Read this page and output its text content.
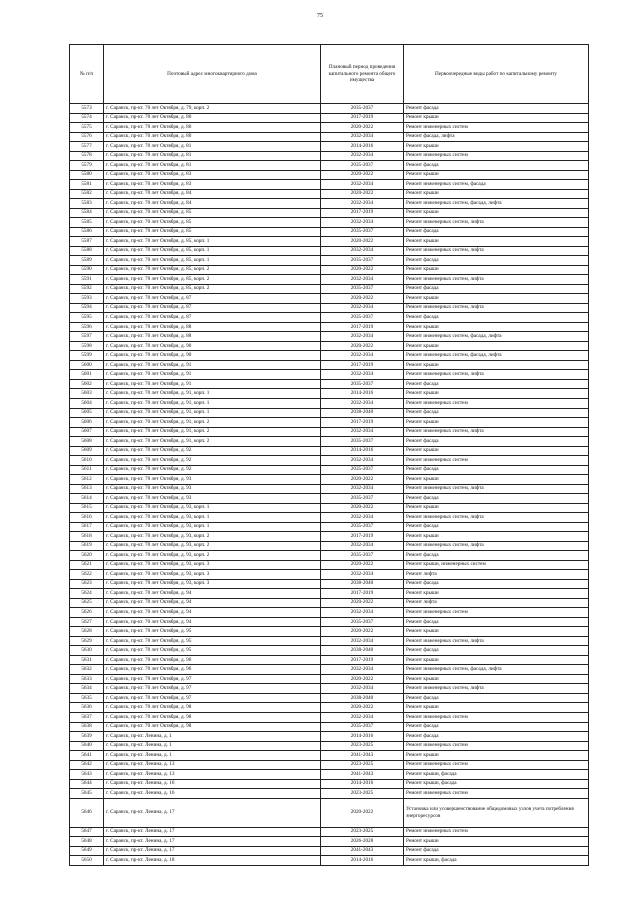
75
№ п/п	Почтовый адрес многоквартирного дома	Плановый период проведения капитального ремонта общего имущества	Первоочередные виды работ по капитальному ремонту
5573	г. Саранск, пр-кт. 70 лет Октября, д. 79, корп. 2	2035-2037	Ремонт фасада
5574	г. Саранск, пр-кт. 70 лет Октября, д. 80	2017-2019	Ремонт крыши
5575	г. Саранск, пр-кт. 70 лет Октября, д. 80	2020-2022	Ремонт инженерных систем
5576	г. Саранск, пр-кт. 70 лет Октября, д. 80	2032-2034	Ремонт фасада, лифта
5577	г. Саранск, пр-кт. 70 лет Октября, д. 81	2014-2016	Ремонт крыши
5578	г. Саранск, пр-кт. 70 лет Октября, д. 81	2032-2034	Ремонт инженерных систем
5579	г. Саранск, пр-кт. 70 лет Октября, д. 81	2035-2037	Ремонт фасада
5580	г. Саранск, пр-кт. 70 лет Октября, д. 83	2020-2022	Ремонт крыши
5581	г. Саранск, пр-кт. 70 лет Октября, д. 83	2032-2034	Ремонт инженерных систем, фасада
5582	г. Саранск, пр-кт. 70 лет Октября, д. 84	2020-2022	Ремонт крыши
5583	г. Саранск, пр-кт. 70 лет Октября, д. 84	2032-2034	Ремонт инженерных систем, фасада, лифта
5584	г. Саранск, пр-кт. 70 лет Октября, д. 85	2017-2019	Ремонт крыши
5585	г. Саранск, пр-кт. 70 лет Октября, д. 85	2032-2034	Ремонт инженерных систем, лифта
5586	г. Саранск, пр-кт. 70 лет Октября, д. 85	2035-2037	Ремонт фасада
5587	г. Саранск, пр-кт. 70 лет Октября, д. 85, корп. 1	2020-2022	Ремонт крыши
5588	г. Саранск, пр-кт. 70 лет Октября, д. 85, корп. 1	2032-2034	Ремонт инженерных систем, лифта
5589	г. Саранск, пр-кт. 70 лет Октября, д. 85, корп. 1	2035-2037	Ремонт фасада
5590	г. Саранск, пр-кт. 70 лет Октября, д. 85, корп. 2	2020-2022	Ремонт крыши
5591	г. Саранск, пр-кт. 70 лет Октября, д. 85, корп. 2	2032-2034	Ремонт инженерных систем, лифта
5592	г. Саранск, пр-кт. 70 лет Октября, д. 85, корп. 2	2035-2037	Ремонт фасада
5593	г. Саранск, пр-кт. 70 лет Октября, д. 87	2020-2022	Ремонт крыши
5594	г. Саранск, пр-кт. 70 лет Октября, д. 87	2032-2034	Ремонт инженерных систем, лифта
5595	г. Саранск, пр-кт. 70 лет Октября, д. 87	2035-2037	Ремонт фасада
5596	г. Саранск, пр-кт. 70 лет Октября, д. 88	2017-2019	Ремонт крыши
5597	г. Саранск, пр-кт. 70 лет Октября, д. 88	2032-2034	Ремонт инженерных систем, фасада, лифта
5598	г. Саранск, пр-кт. 70 лет Октября, д. 90	2020-2022	Ремонт крыши
5599	г. Саранск, пр-кт. 70 лет Октября, д. 90	2032-2034	Ремонт инженерных систем, фасада, лифта
5600	г. Саранск, пр-кт. 70 лет Октября, д. 91	2017-2019	Ремонт крыши
5601	г. Саранск, пр-кт. 70 лет Октября, д. 91	2032-2034	Ремонт инженерных систем, лифта
5602	г. Саранск, пр-кт. 70 лет Октября, д. 91	2035-2037	Ремонт фасада
5603	г. Саранск, пр-кт. 70 лет Октября, д. 91, корп. 1	2014-2016	Ремонт крыши
5604	г. Саранск, пр-кт. 70 лет Октября, д. 91, корп. 1	2032-2034	Ремонт инженерных систем
5605	г. Саранск, пр-кт. 70 лет Октября, д. 91, корп. 1	2038-2040	Ремонт фасада
5606	г. Саранск, пр-кт. 70 лет Октября, д. 91, корп. 2	2017-2019	Ремонт крыши
5607	г. Саранск, пр-кт. 70 лет Октября, д. 91, корп. 2	2032-2034	Ремонт инженерных систем, лифта
5608	г. Саранск, пр-кт. 70 лет Октября, д. 91, корп. 2	2035-2037	Ремонт фасада
5609	г. Саранск, пр-кт. 70 лет Октября, д. 92	2014-2016	Ремонт крыши
5610	г. Саранск, пр-кт. 70 лет Октября, д. 92	2032-2034	Ремонт инженерных систем
5611	г. Саранск, пр-кт. 70 лет Октября, д. 92	2035-2037	Ремонт фасада
5612	г. Саранск, пр-кт. 70 лет Октября, д. 93	2020-2022	Ремонт крыши
5613	г. Саранск, пр-кт. 70 лет Октября, д. 93	2032-2034	Ремонт инженерных систем, лифта
5614	г. Саранск, пр-кт. 70 лет Октября, д. 93	2035-2037	Ремонт фасада
5615	г. Саранск, пр-кт. 70 лет Октября, д. 93, корп. 1	2020-2022	Ремонт крыши
5616	г. Саранск, пр-кт. 70 лет Октября, д. 93, корп. 1	2032-2034	Ремонт инженерных систем, лифта
5617	г. Саранск, пр-кт. 70 лет Октября, д. 93, корп. 1	2035-2037	Ремонт фасада
5618	г. Саранск, пр-кт. 70 лет Октября, д. 93, корп. 2	2017-2019	Ремонт крыши
5619	г. Саранск, пр-кт. 70 лет Октября, д. 93, корп. 2	2032-2034	Ремонт инженерных систем, лифта
5620	г. Саранск, пр-кт. 70 лет Октября, д. 93, корп. 2	2035-2037	Ремонт фасада
5621	г. Саранск, пр-кт. 70 лет Октября, д. 93, корп. 3	2020-2022	Ремонт крыши, инженерных систем
5622	г. Саранск, пр-кт. 70 лет Октября, д. 93, корп. 3	2032-2034	Ремонт лифта
5623	г. Саранск, пр-кт. 70 лет Октября, д. 93, корп. 3	2038-2040	Ремонт фасада
5624	г. Саранск, пр-кт. 70 лет Октября, д. 94	2017-2019	Ремонт крыши
5625	г. Саранск, пр-кт. 70 лет Октября, д. 94	2020-2022	Ремонт лифта
5626	г. Саранск, пр-кт. 70 лет Октября, д. 94	2032-2034	Ремонт инженерных систем
5627	г. Саранск, пр-кт. 70 лет Октября, д. 94	2035-2037	Ремонт фасада
5628	г. Саранск, пр-кт. 70 лет Октября, д. 95	2020-2022	Ремонт крыши
5629	г. Саранск, пр-кт. 70 лет Октября, д. 95	2032-2034	Ремонт инженерных систем, лифта
5630	г. Саранск, пр-кт. 70 лет Октября, д. 95	2038-2040	Ремонт фасада
5631	г. Саранск, пр-кт. 70 лет Октября, д. 96	2017-2019	Ремонт крыши
5632	г. Саранск, пр-кт. 70 лет Октября, д. 96	2032-2034	Ремонт инженерных систем, фасада, лифта
5633	г. Саранск, пр-кт. 70 лет Октября, д. 97	2020-2022	Ремонт крыши
5634	г. Саранск, пр-кт. 70 лет Октября, д. 97	2032-2034	Ремонт инженерных систем, лифта
5635	г. Саранск, пр-кт. 70 лет Октября, д. 97	2038-2040	Ремонт фасада
5636	г. Саранск, пр-кт. 70 лет Октября, д. 98	2020-2022	Ремонт крыши
5637	г. Саранск, пр-кт. 70 лет Октября, д. 98	2032-2034	Ремонт инженерных систем
5638	г. Саранск, пр-кт. 70 лет Октября, д. 98	2035-2037	Ремонт фасада
5639	г. Саранск, пр-кт. Ленина, д. 1	2014-2016	Ремонт фасада
5640	г. Саранск, пр-кт. Ленина, д. 1	2023-2025	Ремонт инженерных систем
5641	г. Саранск, пр-кт. Ленина, д. 1	2041-2043	Ремонт крыши
5642	г. Саранск, пр-кт. Ленина, д. 13	2023-2025	Ремонт инженерных систем
5643	г. Саранск, пр-кт. Ленина, д. 13	2041-2043	Ремонт крыши, фасада
5644	г. Саранск, пр-кт. Ленина, д. 16	2014-2016	Ремонт крыши, фасада
5645	г. Саранск, пр-кт. Ленина, д. 16	2023-2025	Ремонт инженерных систем
5646	г. Саранск, пр-кт. Ленина, д. 17	2020-2022	Установка или усовершенствование общедомовых узлов учета потребления энергоресурсов
5647	г. Саранск, пр-кт. Ленина, д. 17	2023-2025	Ремонт инженерных систем
5648	г. Саранск, пр-кт. Ленина, д. 17	2026-2028	Ремонт крыши
5649	г. Саранск, пр-кт. Ленина, д. 17	2041-2043	Ремонт фасада
5650	г. Саранск, пр-кт. Ленина, д. 18	2014-2016	Ремонт крыши, фасада
